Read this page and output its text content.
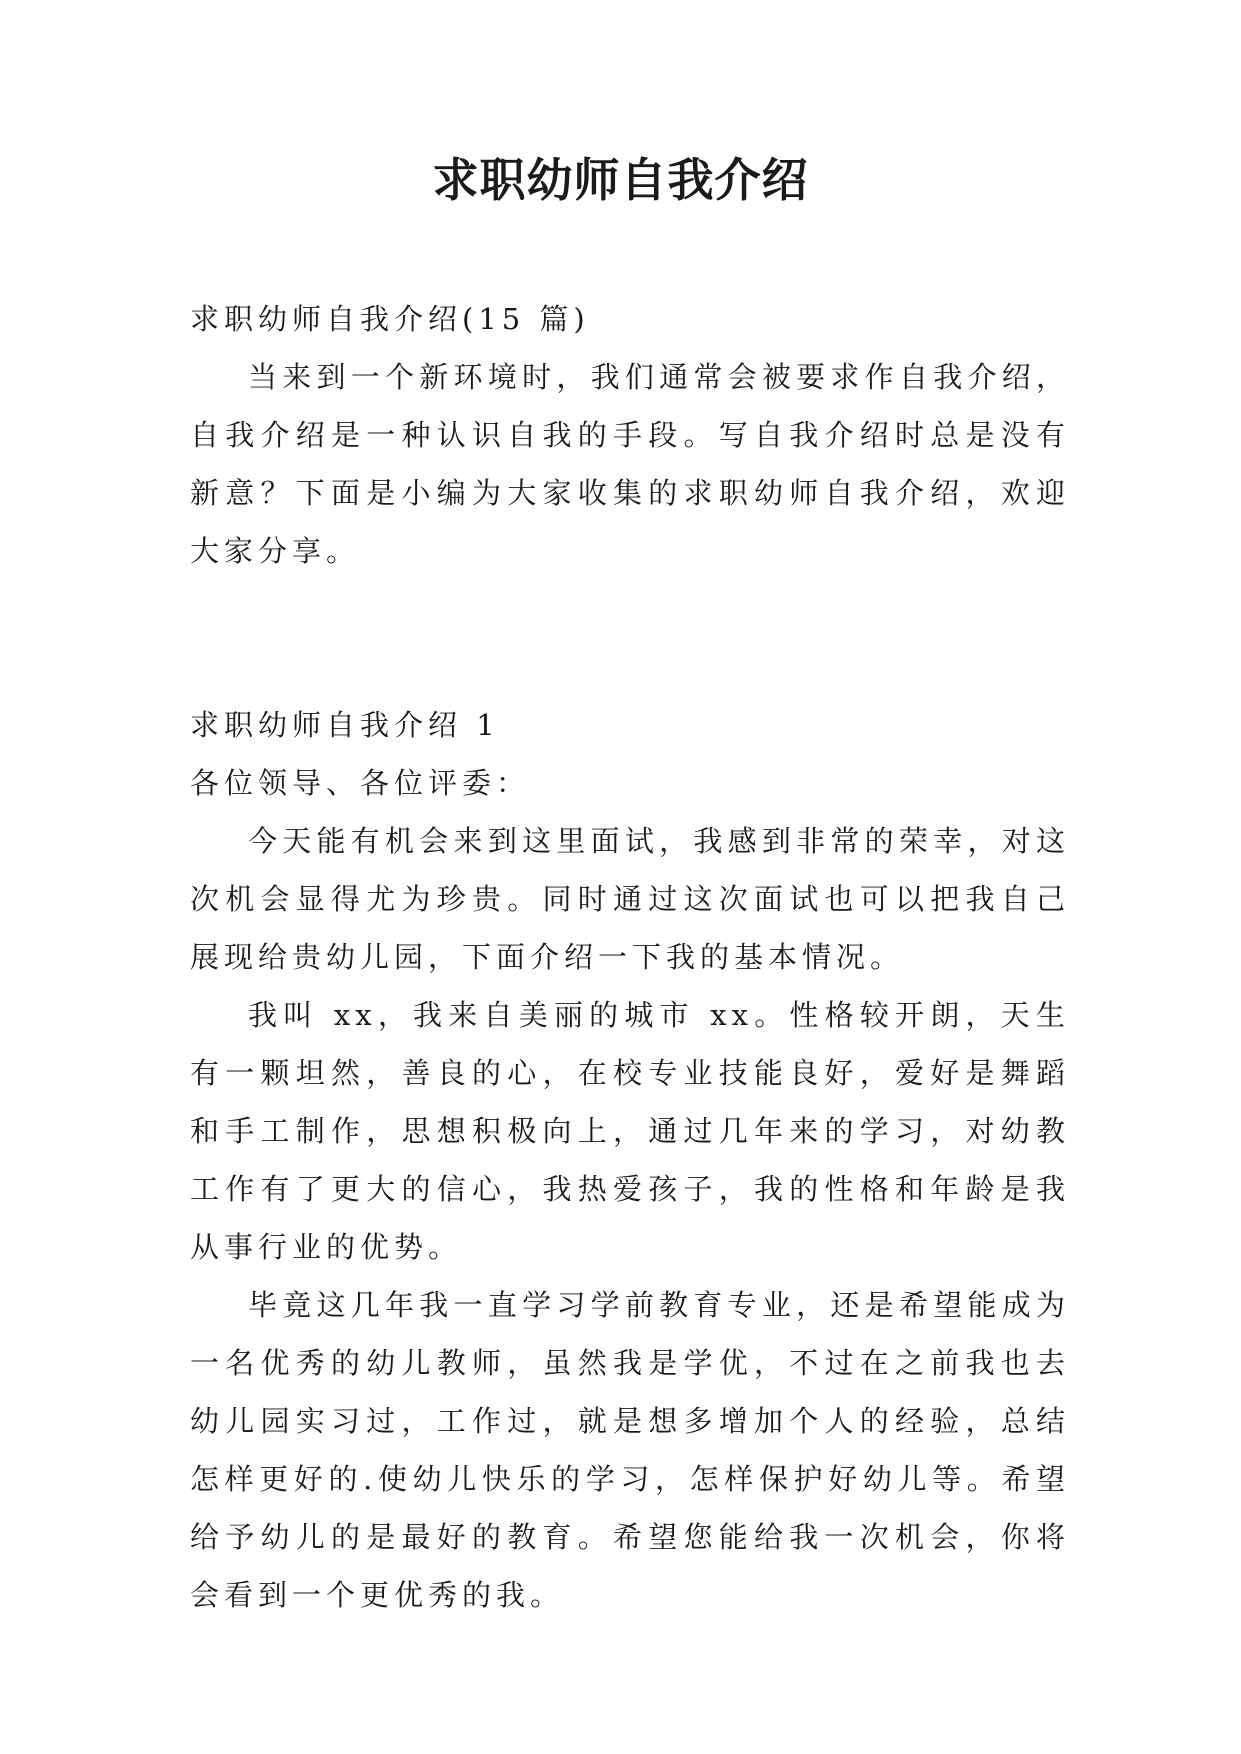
求职幼师自我介绍

求职幼师自我介绍(15 篇)

当来到一个新环境时，我们通常会被要求作自我介绍，自我介绍是一种认识自我的手段。写自我介绍时总是没有新意？下面是小编为大家收集的求职幼师自我介绍，欢迎大家分享。

求职幼师自我介绍 1

各位领导、各位评委：

今天能有机会来到这里面试，我感到非常的荣幸，对这次机会显得尤为珍贵。同时通过这次面试也可以把我自己展现给贵幼儿园，下面介绍一下我的基本情况。

我叫 xx，我来自美丽的城市 xx。性格较开朗，天生有一颗坦然，善良的心，在校专业技能良好，爱好是舞蹈和手工制作，思想积极向上，通过几年来的学习，对幼教工作有了更大的信心，我热爱孩子，我的性格和年龄是我从事行业的优势。

毕竟这几年我一直学习学前教育专业，还是希望能成为一名优秀的幼儿教师，虽然我是学优，不过在之前我也去幼儿园实习过，工作过，就是想多增加个人的经验，总结怎样更好的.使幼儿快乐的学习，怎样保护好幼儿等。希望给予幼儿的是最好的教育。希望您能给我一次机会，你将会看到一个更优秀的我。
